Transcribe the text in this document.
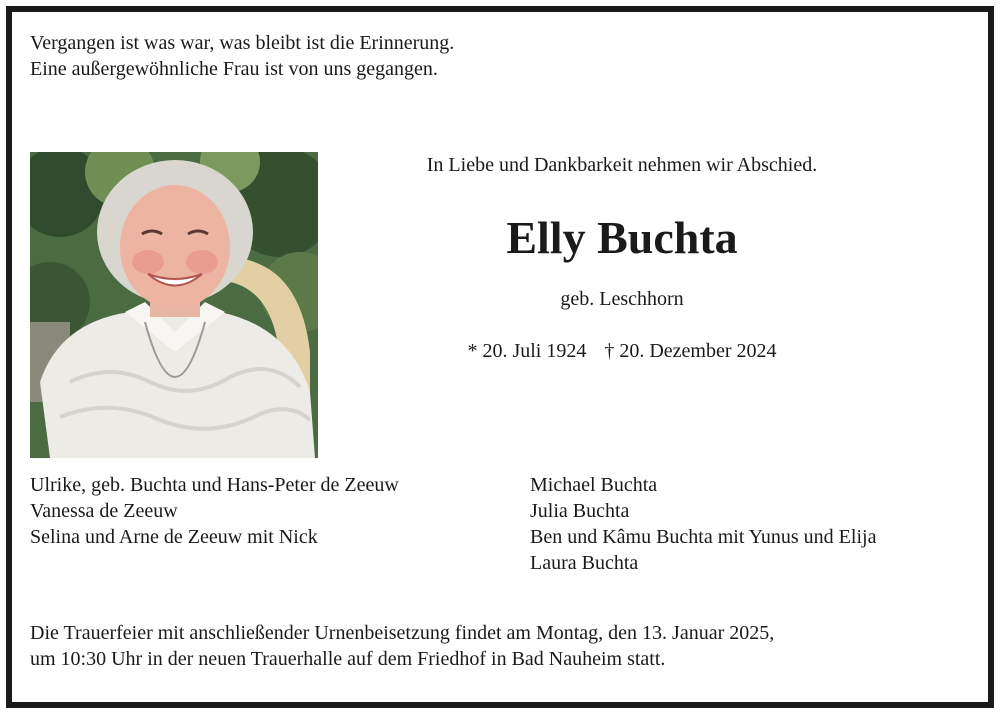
Vergangen ist was war, was bleibt ist die Erinnerung.
Eine außergewöhnliche Frau ist von uns gegangen.
In Liebe und Dankbarkeit nehmen wir Abschied.
Elly Buchta
geb. Leschhorn
* 20. Juli 1924 † 20. Dezember 2024
Ulrike, geb. Buchta und Hans-Peter de Zeeuw
Vanessa de Zeeuw
Selina und Arne de Zeeuw mit Nick
Michael Buchta
Julia Buchta
Ben und Kâmu Buchta mit Yunus und Elija
Laura Buchta
Die Trauerfeier mit anschließender Urnenbeisetzung findet am Montag, den 13. Januar 2025,
um 10:30 Uhr in der neuen Trauerhalle auf dem Friedhof in Bad Nauheim statt.
